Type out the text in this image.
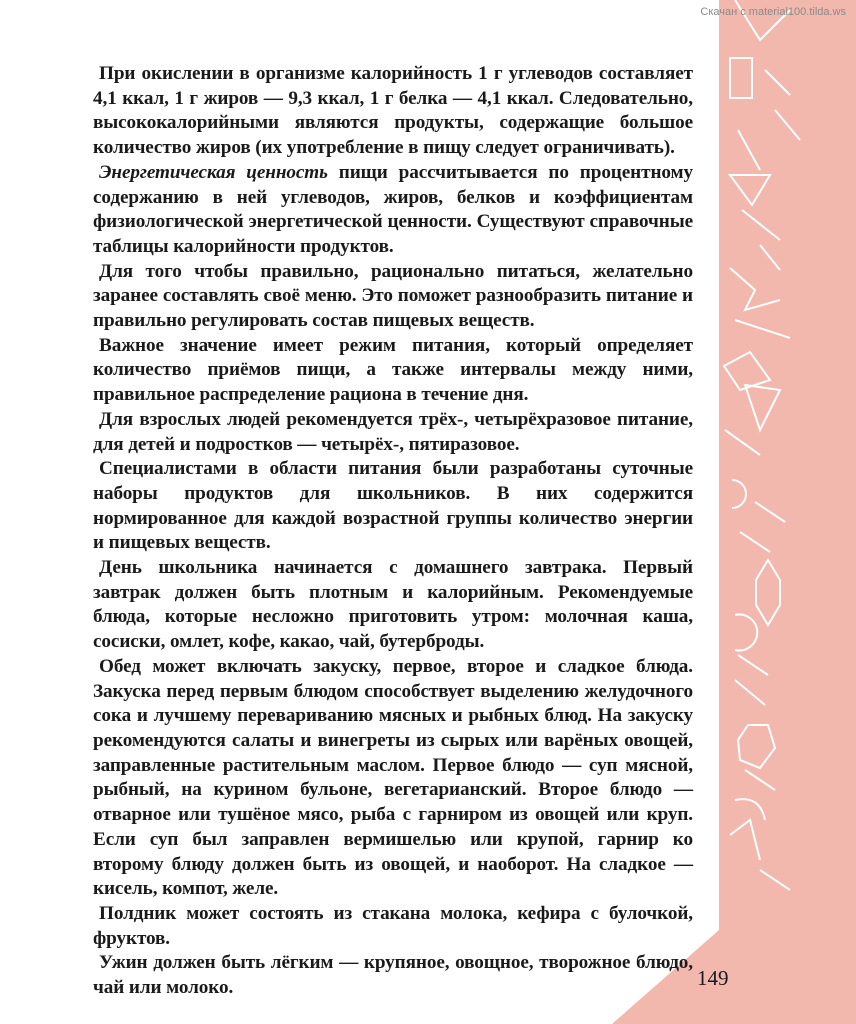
Скачан с material100.tilda.ws

При окислении в организме калорийность 1 г углеводов составляет 4,1 ккал, 1 г жиров — 9,3 ккал, 1 г белка — 4,1 ккал. Следовательно, высококалорийными являются продукты, содержащие большое количество жиров (их употребление в пищу следует ограничивать).

Энергетическая ценность пищи рассчитывается по процентному содержанию в ней углеводов, жиров, белков и коэффициентам физиологической энергетической ценности. Существуют справочные таблицы калорийности продуктов.

Для того чтобы правильно, рационально питаться, желательно заранее составлять своё меню. Это поможет разнообразить питание и правильно регулировать состав пищевых веществ.

Важное значение имеет режим питания, который определяет количество приёмов пищи, а также интервалы между ними, правильное распределение рациона в течение дня.

Для взрослых людей рекомендуется трёх-, четырёхразовое питание, для детей и подростков — четырёх-, пятиразовое.

Специалистами в области питания были разработаны суточные наборы продуктов для школьников. В них содержится нормированное для каждой возрастной группы количество энергии и пищевых веществ.

День школьника начинается с домашнего завтрака. Первый завтрак должен быть плотным и калорийным. Рекомендуемые блюда, которые несложно приготовить утром: молочная каша, сосиски, омлет, кофе, какао, чай, бутерброды.

Обед может включать закуску, первое, второе и сладкое блюда. Закуска перед первым блюдом способствует выделению желудочного сока и лучшему перевариванию мясных и рыбных блюд. На закуску рекомендуются салаты и винегреты из сырых или варёных овощей, заправленные растительным маслом. Первое блюдо — суп мясной, рыбный, на курином бульоне, вегетарианский. Второе блюдо — отварное или тушёное мясо, рыба с гарниром из овощей или круп. Если суп был заправлен вермишелью или крупой, гарнир ко второму блюду должен быть из овощей, и наоборот. На сладкое — кисель, компот, желе.

Полдник может состоять из стакана молока, кефира с булочкой, фруктов.

Ужин должен быть лёгким — крупяное, овощное, творожное блюдо, чай или молоко.	149
